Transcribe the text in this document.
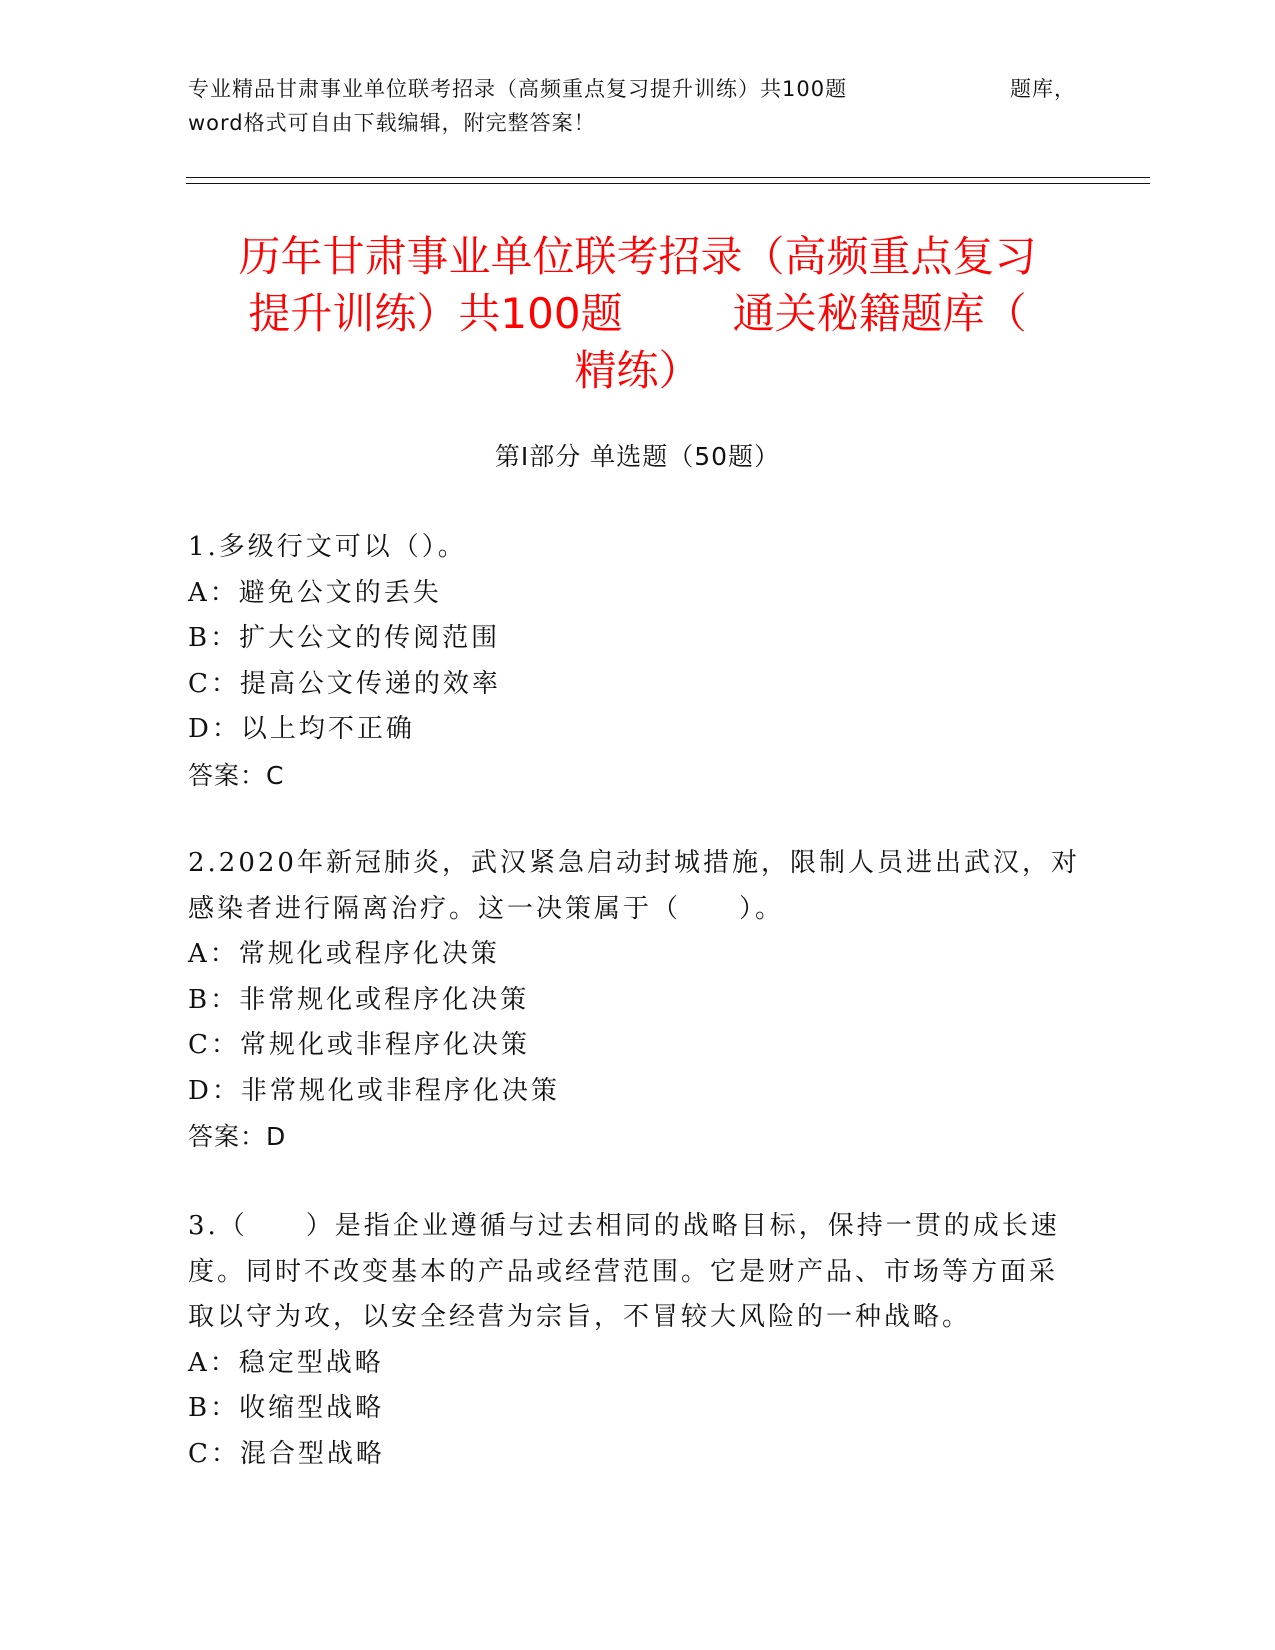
专业精品甘肃事业单位联考招录（高频重点复习提升训练）共100题	题库，
word格式可自由下载编辑，附完整答案！
历年甘肃事业单位联考招录（高频重点复习
提升训练）共100题	通关秘籍题库（
精练）
第I部分 单选题（50题）
1.多级行文可以（）。
A：避免公文的丢失
B：扩大公文的传阅范围
C：提高公文传递的效率
D：以上均不正确
答案：C
2.2020年新冠肺炎，武汉紧急启动封城措施，限制人员进出武汉，对
感染者进行隔离治疗。这一决策属于（　　）。
A：常规化或程序化决策
B：非常规化或程序化决策
C：常规化或非程序化决策
D：非常规化或非程序化决策
答案：D
3.（　　）是指企业遵循与过去相同的战略目标，保持一贯的成长速
度。同时不改变基本的产品或经营范围。它是财产品、市场等方面采
取以守为攻，以安全经营为宗旨，不冒较大风险的一种战略。
A：稳定型战略
B：收缩型战略
C：混合型战略
